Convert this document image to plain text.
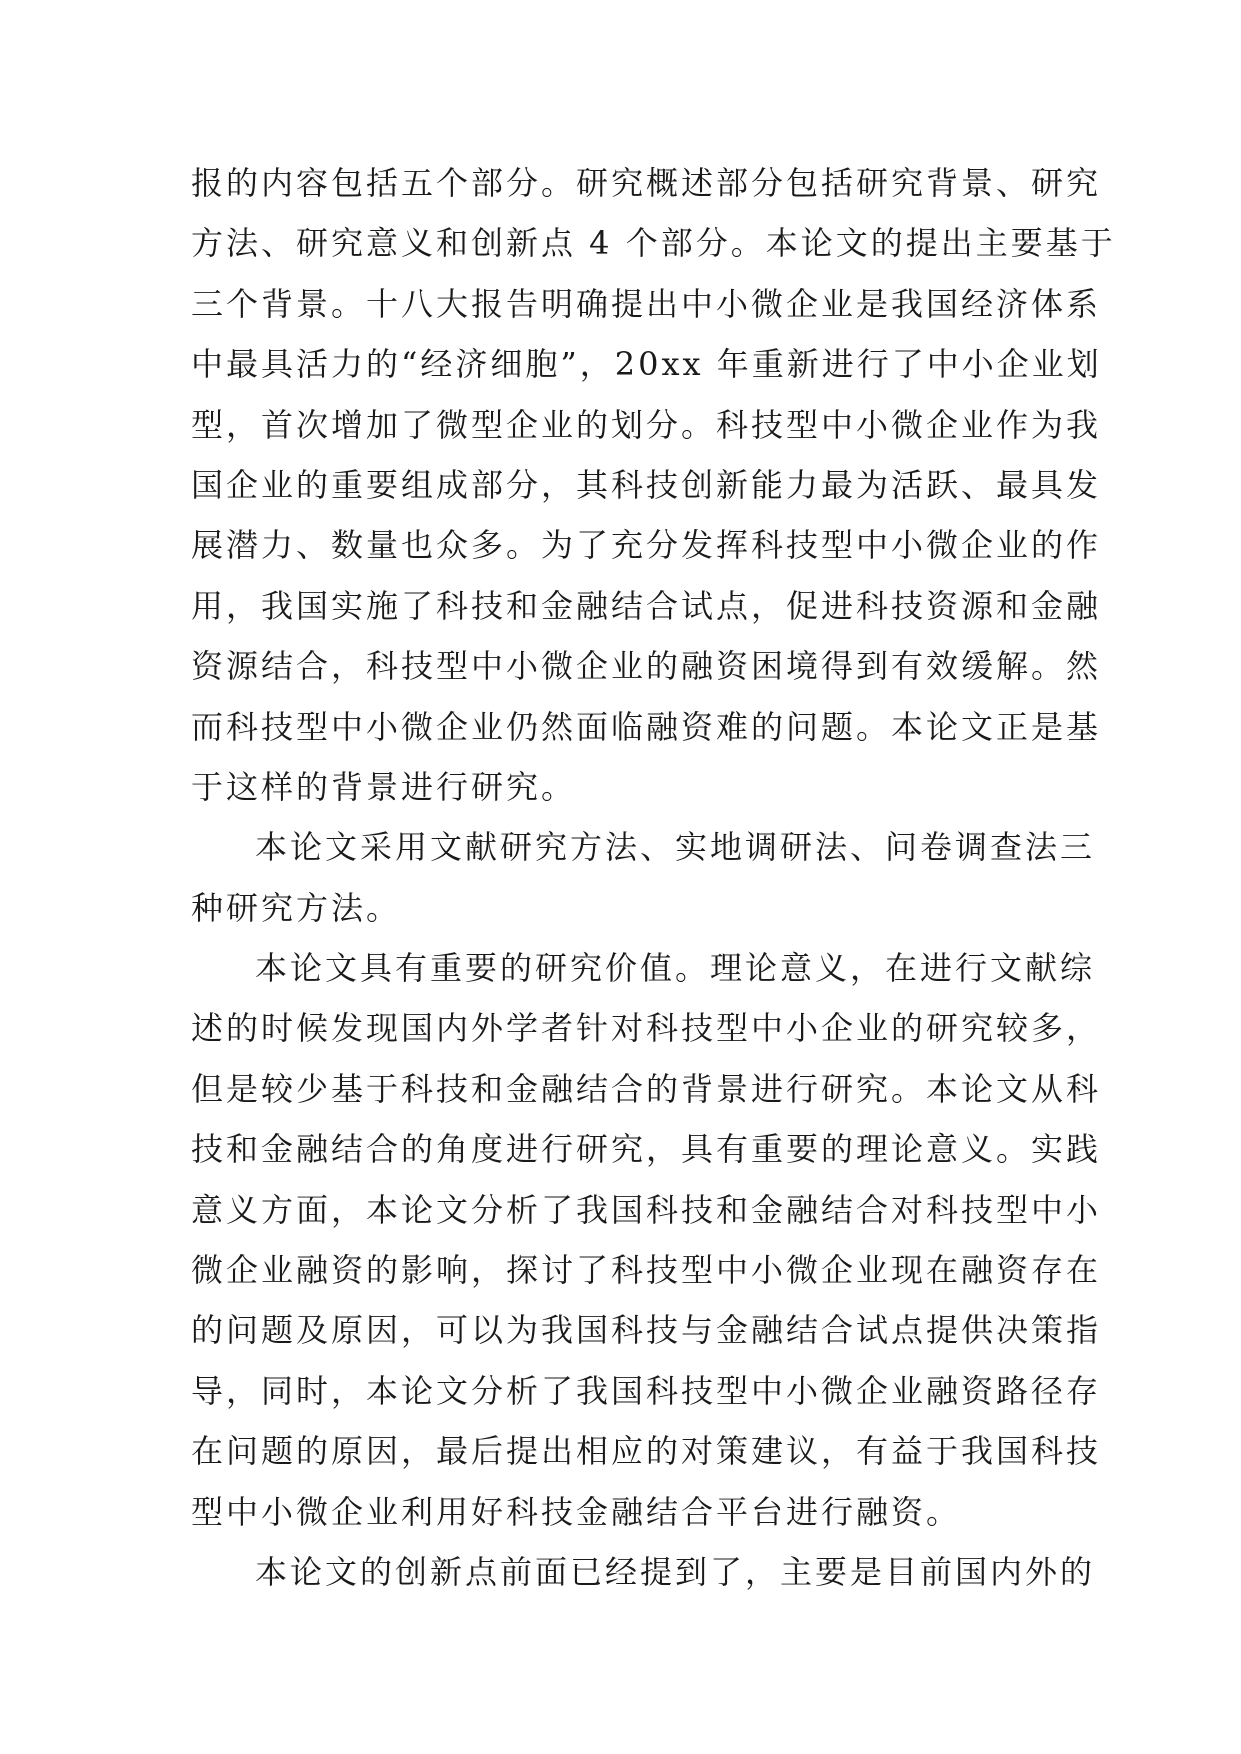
报的内容包括五个部分。研究概述部分包括研究背景、研究
方法、研究意义和创新点 4 个部分。本论文的提出主要基于
三个背景。十八大报告明确提出中小微企业是我国经济体系
中最具活力的“经济细胞”，20xx 年重新进行了中小企业划
型，首次增加了微型企业的划分。科技型中小微企业作为我
国企业的重要组成部分，其科技创新能力最为活跃、最具发
展潜力、数量也众多。为了充分发挥科技型中小微企业的作
用，我国实施了科技和金融结合试点，促进科技资源和金融
资源结合，科技型中小微企业的融资困境得到有效缓解。然
而科技型中小微企业仍然面临融资难的问题。本论文正是基
于这样的背景进行研究。
本论文采用文献研究方法、实地调研法、问卷调查法三
种研究方法。
本论文具有重要的研究价值。理论意义，在进行文献综
述的时候发现国内外学者针对科技型中小企业的研究较多，
但是较少基于科技和金融结合的背景进行研究。本论文从科
技和金融结合的角度进行研究，具有重要的理论意义。实践
意义方面，本论文分析了我国科技和金融结合对科技型中小
微企业融资的影响，探讨了科技型中小微企业现在融资存在
的问题及原因，可以为我国科技与金融结合试点提供决策指
导，同时，本论文分析了我国科技型中小微企业融资路径存
在问题的原因，最后提出相应的对策建议，有益于我国科技
型中小微企业利用好科技金融结合平台进行融资。
本论文的创新点前面已经提到了，主要是目前国内外的
